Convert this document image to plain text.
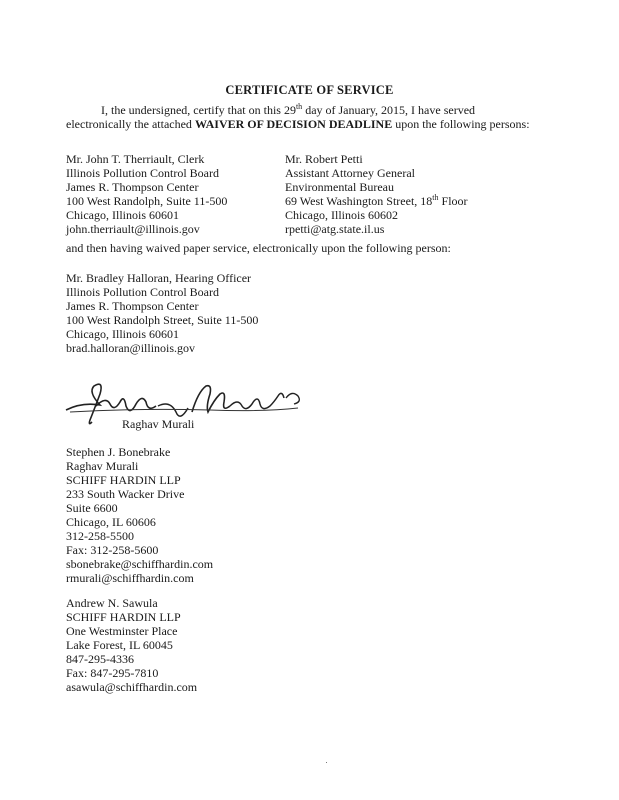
CERTIFICATE OF SERVICE
I, the undersigned, certify that on this 29th day of January, 2015, I have served
electronically the attached WAIVER OF DECISION DEADLINE upon the following persons:
Mr. John T. Therriault, Clerk
Illinois Pollution Control Board
James R. Thompson Center
100 West Randolph, Suite 11-500
Chicago, Illinois 60601
john.therriault@illinois.gov
Mr. Robert Petti
Assistant Attorney General
Environmental Bureau
69 West Washington Street, 18th Floor
Chicago, Illinois 60602
rpetti@atg.state.il.us
and then having waived paper service, electronically upon the following person:
Mr. Bradley Halloran, Hearing Officer
Illinois Pollution Control Board
James R. Thompson Center
100 West Randolph Street, Suite 11-500
Chicago, Illinois 60601
brad.halloran@illinois.gov
Raghav Murali
Stephen J. Bonebrake
Raghav Murali
SCHIFF HARDIN LLP
233 South Wacker Drive
Suite 6600
Chicago, IL 60606
312-258-5500
Fax: 312-258-5600
sbonebrake@schiffhardin.com
rmurali@schiffhardin.com
Andrew N. Sawula
SCHIFF HARDIN LLP
One Westminster Place
Lake Forest, IL 60045
847-295-4336
Fax: 847-295-7810
asawula@schiffhardin.com
